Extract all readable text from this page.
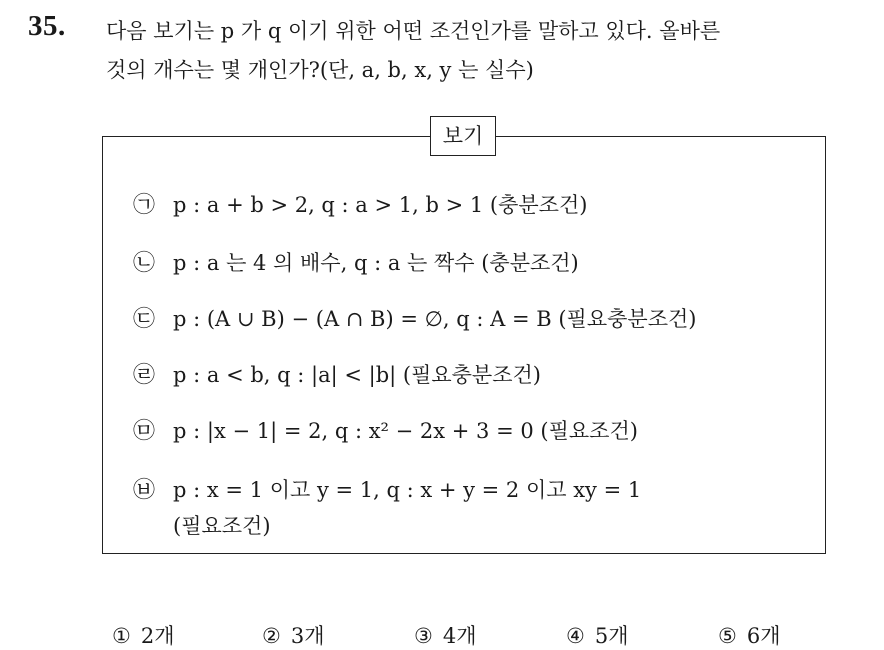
35. 다음 보기는 p 가 q 이기 위한 어떤 조건인가를 말하고 있다. 올바른
것의 개수는 몇 개인가?(단, a, b, x, y 는 실수)
보기
㉠ p : a + b > 2, q : a > 1, b > 1 (충분조건)
㉡ p : a 는 4 의 배수, q : a 는 짝수 (충분조건)
㉢ p : (A ∪ B) − (A ∩ B) = ∅, q : A = B (필요충분조건)
㉣ p : a < b, q : |a| < |b| (필요충분조건)
㉤ p : |x − 1| = 2, q : x² − 2x + 3 = 0 (필요조건)
㉥ p : x = 1 이고 y = 1, q : x + y = 2 이고 xy = 1
(필요조건)
① 2개	② 3개	③ 4개	④ 5개	⑤ 6개
